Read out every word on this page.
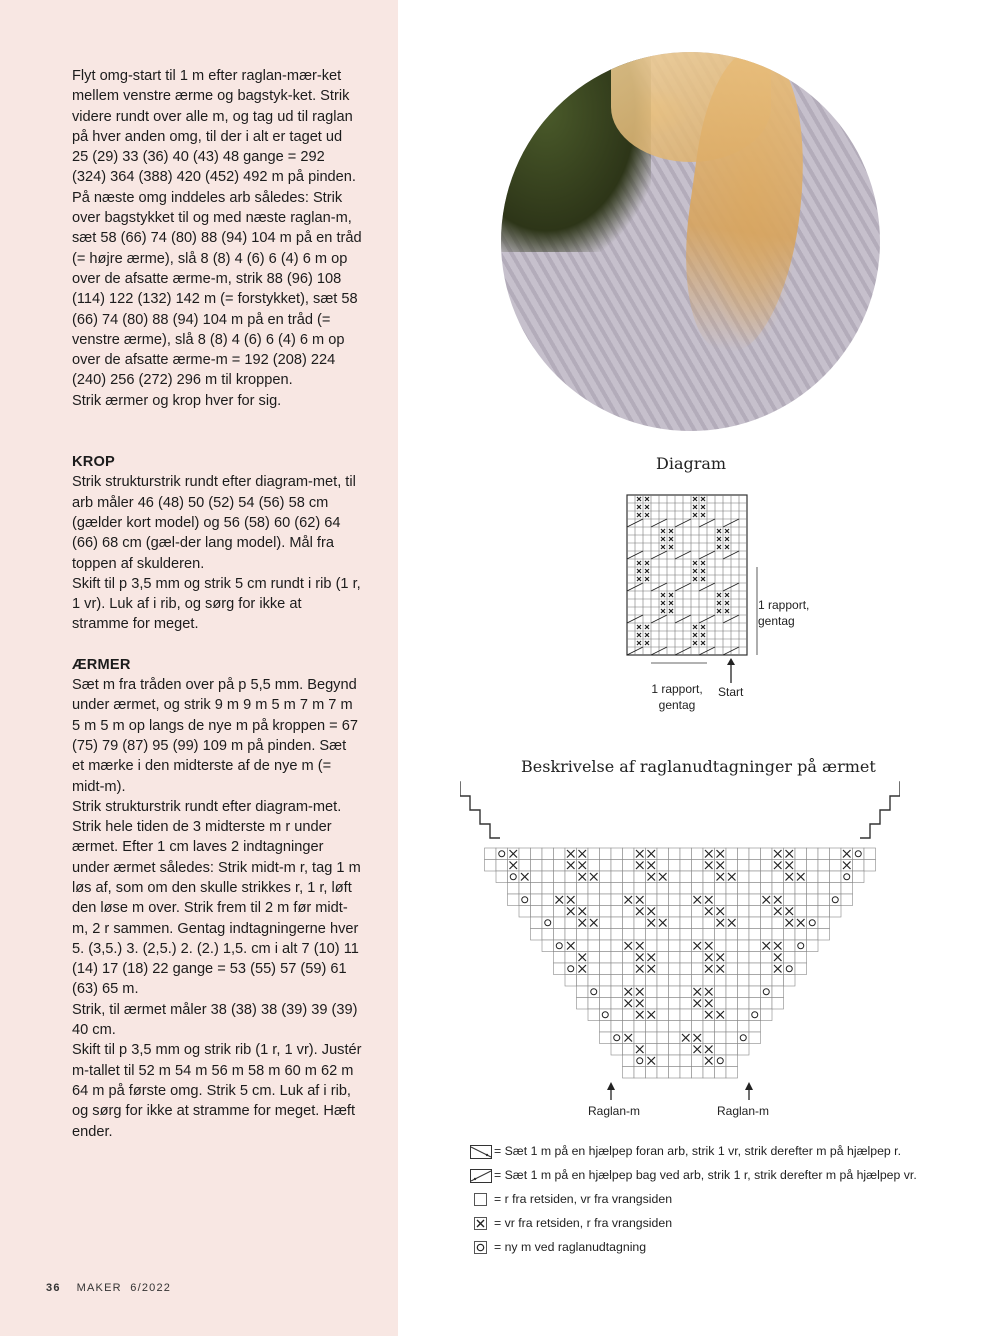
Flyt omg-start til 1 m efter raglan-mær-ket mellem venstre ærme og bagstyk-ket. Strik videre rundt over alle m, og tag ud til raglan på hver anden omg, til der i alt er taget ud 25 (29) 33 (36) 40 (43) 48 gange = 292 (324) 364 (388) 420 (452) 492 m på pinden.

På næste omg inddeles arb således: Strik over bagstykket til og med næste raglan-m, sæt 58 (66) 74 (80) 88 (94) 104 m på en tråd (= højre ærme), slå 8 (8) 4 (6) 6 (4) 6 m op over de afsatte ærme-m, strik 88 (96) 108 (114) 122 (132) 142 m (= forstykket), sæt 58 (66) 74 (80) 88 (94) 104 m på en tråd (= venstre ærme), slå 8 (8) 4 (6) 6 (4) 6 m op over de afsatte ærme-m = 192 (208) 224 (240) 256 (272) 296 m til kroppen.

Strik ærmer og krop hver for sig.

KROP

Strik strukturstrik rundt efter diagram-met, til arb måler 46 (48) 50 (52) 54 (56) 58 cm (gælder kort model) og 56 (58) 60 (62) 64 (66) 68 cm (gæl-der lang model). Mål fra toppen af skulderen.

Skift til p 3,5 mm og strik 5 cm rundt i rib (1 r, 1 vr). Luk af i rib, og sørg for ikke at stramme for meget.

ÆRMER

Sæt m fra tråden over på p 5,5 mm. Begynd under ærmet, og strik 9 m 9 m 5 m 7 m 7 m 5 m 5 m op langs de nye m på kroppen = 67 (75) 79 (87) 95 (99) 109 m på pinden. Sæt et mærke i den midterste af de nye m (= midt-m).

Strik strukturstrik rundt efter diagram-met. Strik hele tiden de 3 midterste m r under ærmet. Efter 1 cm laves 2 indtagninger under ærmet således: Strik midt-m r, tag 1 m løs af, som om den skulle strikkes r, 1 r, løft den løse m over. Strik frem til 2 m før midt-m, 2 r sammen. Gentag indtagningerne hver 5. (3,5.) 3. (2,5.) 2. (2.) 1,5. cm i alt 7 (10) 11 (14) 17 (18) 22 gange = 53 (55) 57 (59) 61 (63) 65 m.

Strik, til ærmet måler 38 (38) 38 (39) 39 (39) 40 cm.

Skift til p 3,5 mm og strik rib (1 r, 1 vr). Justér m-tallet til 52 m 54 m 56 m 58 m 60 m 62 m 64 m på første omg. Strik 5 cm. Luk af i rib, og sørg for ikke at stramme for meget. Hæft ender.

36 MAKER 6/2022
Diagram
1 rapport,
gentag
1 rapport,
gentag
Start
Beskrivelse af raglanudtagninger på ærmet
Raglan-m	Raglan-m
= Sæt 1 m på en hjælpep foran arb, strik 1 vr, strik derefter m på hjælpep r.
= Sæt 1 m på en hjælpep bag ved arb, strik 1 r, strik derefter m på hjælpep vr.
= r fra retsiden, vr fra vrangsiden
= vr fra retsiden, r fra vrangsiden
= ny m ved raglanudtagning
